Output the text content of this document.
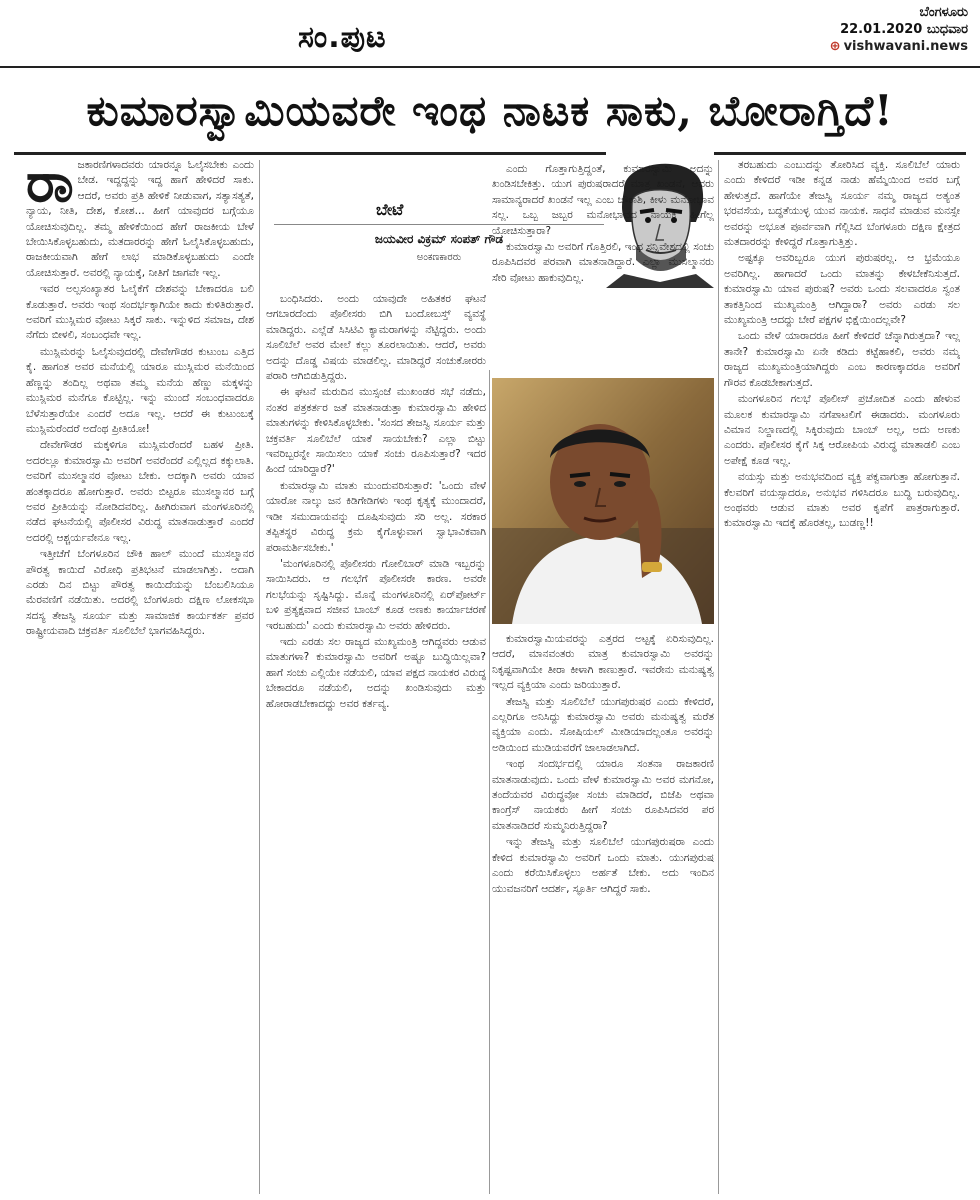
ಸಂ.ಪುಟ
ಬೆಂಗಳೂರು
22.01.2020 ಬುಧವಾರ
⊕ vishwavani.news
ಕುಮಾರಸ್ವಾಮಿಯವರೇ ಇಂಥ ನಾಟಕ ಸಾಕು, ಬೋರಾಗ್ತಿದೆ!

ರಾಜಕಾರಣಿಗಳಾದವರು ಯಾರನ್ನೂ ಓಲೈಸಬೇಕು ಎಂದು ಬೇಡ. ಇದ್ದದ್ದನ್ನು ಇದ್ದ ಹಾಗೆ ಹೇಳಿದರೆ ಸಾಕು. ಆದರೆ, ಅವರು ಪ್ರತಿ ಹೇಳಿಕೆ ನೀಡುವಾಗ, ಸತ್ಯಾಸತ್ಯತೆ, ನ್ಯಾಯ, ನೀತಿ, ದೇಶ, ಕೋಶ... ಹೀಗೆ ಯಾವುದರ ಬಗ್ಗೆಯೂ ಯೋಚಿಸುವುದಿಲ್ಲ. ತಮ್ಮ ಹೇಳಿಕೆಯಿಂದ ಹೇಗೆ ರಾಜಕೀಯ ಬೇಳೆ ಬೇಯಿಸಿಕೊಳ್ಳಬಹುದು, ಮತದಾರರನ್ನು ಹೇಗೆ ಓಲೈಸಿಕೊಳ್ಳಬಹುದು, ರಾಜಕೀಯವಾಗಿ ಹೇಗೆ ಲಾಭ ಮಾಡಿಕೊಳ್ಳಬಹುದು ಎಂದೇ ಯೋಚಿಸುತ್ತಾರೆ. ಅವರಲ್ಲಿ ನ್ಯಾಯಕ್ಕೆ, ನೀತಿಗೆ ಜಾಗವೇ ಇಲ್ಲ.

ಇವರ ಅಲ್ಪಸಂಖ್ಯಾತರ ಓಲೈಕೆಗೆ ದೇಶವನ್ನು ಬೇಕಾದರೂ ಬಲಿ ಕೊಡುತ್ತಾರೆ. ಅವರು ಇಂಥ ಸಂದರ್ಭಕ್ಕಾಗಿಯೇ ಕಾದು ಕುಳಿತಿರುತ್ತಾರೆ. ಅವರಿಗೆ ಮುಸ್ಲಿಮರ ವೋಟು ಸಿಕ್ಕರೆ ಸಾಕು. ಇನ್ನುಳಿದ ಸಮಾಜ, ದೇಶ ನೆಗೆದು ಬೀಳಲಿ, ಸಂಬಂಧವೇ ಇಲ್ಲ.

ಮುಸ್ಲಿಮರನ್ನು ಓಲೈಸುವುದರಲ್ಲಿ ದೇವೇಗೌಡರ ಕುಟುಂಬ ಎತ್ತಿದ ಕೈ. ಹಾಗಂತ ಅವರ ಮನೆಯಲ್ಲಿ ಯಾರೂ ಮುಸ್ಲಿಮರ ಮನೆಯಿಂದ ಹೆಣ್ಣನ್ನು ತಂದಿಲ್ಲ ಅಥವಾ ತಮ್ಮ ಮನೆಯ ಹೆಣ್ಣು ಮಕ್ಕಳನ್ನು ಮುಸ್ಲಿಮರ ಮನೆಗೂ ಕೊಟ್ಟಿಲ್ಲ. ಇನ್ನು ಮುಂದೆ ಸಂಬಂಧವಾದರೂ ಬೆಳೆಸುತ್ತಾರೆಯೇ ಎಂದರೆ ಅದೂ ಇಲ್ಲ. ಆದರೆ ಈ ಕುಟುಂಬಕ್ಕೆ ಮುಸ್ಲಿಮರೆಂದರೆ ಅದೆಂಥ ಪ್ರೀತಿಯೋ!

ದೇವೇಗೌಡರ ಮಕ್ಕಳಿಗೂ ಮುಸ್ಲಿಮರೆಂದರೆ ಬಹಳ ಪ್ರೀತಿ. ಅದರಲ್ಲೂ ಕುಮಾರಸ್ವಾಮಿ ಅವರಿಗೆ ಅವರೆಂದರೆ ಎಲ್ಲಿಲ್ಲದ ಕಕ್ಕುಲಾತಿ. ಅವರಿಗೆ ಮುಸಲ್ಮಾನರ ವೋಟು ಬೇಕು. ಅದಕ್ಕಾಗಿ ಅವರು ಯಾವ ಹಂತಕ್ಕಾದರೂ ಹೋಗುತ್ತಾರೆ. ಅವರು ಬಿಟ್ಟರೂ ಮುಸಲ್ಮಾನರ ಬಗ್ಗೆ ಅವರ ಪ್ರೀತಿಯನ್ನು ನೋಡಿದವರಿಲ್ಲ. ಹೀಗಿರುವಾಗ ಮಂಗಳೂರಿನಲ್ಲಿ ನಡೆದ ಘಟನೆಯಲ್ಲಿ ಪೊಲೀಸರ ವಿರುದ್ಧ ಮಾತನಾಡುತ್ತಾರೆ ಎಂದರೆ ಅದರಲ್ಲಿ ಆಶ್ಚರ್ಯವೇನೂ ಇಲ್ಲ.

ಇತ್ತೀಚೆಗೆ ಬೆಂಗಳೂರಿನ ಚೌಕಿ ಹಾಲ್ ಮುಂದೆ ಮುಸಲ್ಮಾನರ ಪೌರತ್ವ ಕಾಯಿದೆ ವಿರೋಧಿ ಪ್ರತಿಭಟನೆ ಮಾಡಲಾಗಿತ್ತು. ಅದಾಗಿ ಎರಡು ದಿನ ಬಿಟ್ಟು ಪೌರತ್ವ ಕಾಯಿದೆಯನ್ನು ಬೆಂಬಲಿಸಿಯೂ ಮೆರವಣಿಗೆ ನಡೆಯಿತು. ಅದರಲ್ಲಿ ಬೆಂಗಳೂರು ದಕ್ಷಿಣ ಲೋಕಸಭಾ ಸದಸ್ಯ ತೇಜಸ್ವಿ ಸೂರ್ಯ ಮತ್ತು ಸಾಮಾಜಿಕ ಕಾರ್ಯಕರ್ತ ಪ್ರವರ ರಾಷ್ಟ್ರೀಯವಾದಿ ಚಕ್ರವರ್ತಿ ಸೂಲಿಬೆಲೆ ಭಾಗವಹಿಸಿದ್ದರು.

ಬೇಟೆ
ಜಯವೀರ ವಿಕ್ರಮ್ ಸಂಪತ್ ಗೌಡ
ಅಂಕಣಕಾರರು

ಬಂಧಿಸಿದರು. ಅಂದು ಯಾವುದೇ ಅಹಿತಕರ ಘಟನೆ ಆಗಬಾರದೆಂದು ಪೊಲೀಸರು ಬಿಗಿ ಬಂದೋಬಸ್ತ್ ವ್ಯವಸ್ಥೆ ಮಾಡಿದ್ದರು. ಎಲ್ಲೆಡೆ ಸಿಸಿಟಿವಿ ಕ್ಯಾಮರಾಗಳನ್ನು ನೆಟ್ಟಿದ್ದರು. ಅಂದು ಸೂಲಿಬೆಲೆ ಅವರ ಮೇಲೆ ಕಲ್ಲು ತೂರಲಾಯಿತು. ಆದರೆ, ಅವರು ಅದನ್ನು ದೊಡ್ಡ ವಿಷಯ ಮಾಡಲಿಲ್ಲ. ಮಾಡಿದ್ದರೆ ಸಂಚುಕೋರರು ಪರಾರಿ ಆಗಿಬಿಡುತ್ತಿದ್ದರು.

ಈ ಘಟನೆ ಮರುದಿನ ಮುಸ್ಸಂಜೆ ಮುಖಂಡರ ಸಭೆ ನಡೆದು, ನಂತರ ಪತ್ರಕರ್ತರ ಜತೆ ಮಾತನಾಡುತ್ತಾ ಕುಮಾರಸ್ವಾಮಿ ಹೇಳಿದ ಮಾತುಗಳನ್ನು ಕೇಳಿಸಿಕೊಳ್ಳಬೇಕು. 'ಸಂಸದ ತೇಜಸ್ವಿ ಸೂರ್ಯ ಮತ್ತು ಚಕ್ರವರ್ತಿ ಸೂಲಿಬೆಲೆ ಯಾಕೆ ಸಾಯಬೇಕು? ಎಲ್ಲಾ ಬಿಟ್ಟು ಇವರಿಬ್ಬರನ್ನೇ ಸಾಯಿಸಲು ಯಾಕೆ ಸಂಚು ರೂಪಿಸುತ್ತಾರೆ? ಇದರ ಹಿಂದೆ ಯಾರಿದ್ದಾರೆ?'

ಕುಮಾರಸ್ವಾಮಿ ಮಾತು ಮುಂದುವರಿಸುತ್ತಾರೆ: 'ಒಂದು ವೇಳೆ ಯಾರೋ ನಾಲ್ಕು ಜನ ಕಿಡಿಗೇಡಿಗಳು ಇಂಥ ಕೃತ್ಯಕ್ಕೆ ಮುಂದಾದರೆ, ಇಡೀ ಸಮುದಾಯವನ್ನು ದೂಷಿಸುವುದು ಸರಿ ಅಲ್ಲ. ಸರಕಾರ ತಪ್ಪಿತಸ್ಥರ ವಿರುದ್ಧ ಕ್ರಮ ಕೈಗೊಳ್ಳುವಾಗ ಸ್ವಾಭಾವಿಕವಾಗಿ ಪರಾಮರ್ಶಿಸಬೇಕು.'

'ಮಂಗಳೂರಿನಲ್ಲಿ ಪೊಲೀಸರು ಗೋಲಿಬಾರ್ ಮಾಡಿ ಇಬ್ಬರನ್ನು ಸಾಯಿಸಿದರು. ಆ ಗಲಭೆಗೆ ಪೊಲೀಸರೇ ಕಾರಣ. ಅವರೇ ಗಲಭೆಯನ್ನು ಸೃಷ್ಟಿಸಿದ್ದು. ಮೊನ್ನೆ ಮಂಗಳೂರಿನಲ್ಲಿ ಏರ್‌ಪೋರ್ಟ್ ಬಳಿ ಪ್ರತ್ಯಕ್ಷವಾದ ಸಜೀವ ಬಾಂಬ್ ಕೂಡ ಅಣಕು ಕಾರ್ಯಾಚರಣೆ ಇರಬಹುದು' ಎಂದು ಕುಮಾರಸ್ವಾಮಿ ಅವರು ಹೇಳಿದರು.

ಇದು ಎರಡು ಸಲ ರಾಜ್ಯದ ಮುಖ್ಯಮಂತ್ರಿ ಆಗಿದ್ದವರು ಆಡುವ ಮಾತುಗಳಾ? ಕುಮಾರಸ್ವಾಮಿ ಅವರಿಗೆ ಅಷ್ಟೂ ಬುದ್ಧಿಯಿಲ್ಲವಾ? ಹಾಗೆ ಸಂಚು ಎಲ್ಲಿಯೇ ನಡೆಯಲಿ, ಯಾವ ಪಕ್ಷದ ನಾಯಕರ ವಿರುದ್ಧ ಬೇಕಾದರೂ ನಡೆಯಲಿ, ಅದನ್ನು ಖಂಡಿಸುವುದು ಮತ್ತು ಹೋರಾಡಬೇಕಾದದ್ದು ಅವರ ಕರ್ತವ್ಯ.

ಎಂದು ಗೊತ್ತಾಗುತ್ತಿದ್ದಂತೆ, ಕುಮಾರಸ್ವಾಮಿ ಅದನ್ನು ಖಂಡಿಸಬೇಕಿತ್ತು. ಯುಗ ಪುರುಷರಾದರೆ ಮಾತ್ರ ಖಂಡನೆ, ಆವರು ಸಾಮಾನ್ಯರಾದರೆ ಖಂಡನೆ ಇಲ್ಲ ಎಂಬ ಚೌಕಾಶಿ, ಕೀಳು ಮನೋಭಾವ ಸಲ್ಲ. ಒಬ್ಬ ಜಬ್ಬರ ಮನೋಭಾವದ ನಾಯಕ ಹೀಗೆಲ್ಲ ಯೋಚಿಸುತ್ತಾರಾ?

ಕುಮಾರಸ್ವಾಮಿ ಅವರಿಗೆ ಗೊತ್ತಿರಲಿ, ಇಂಥ ಸನ್ನಿವೇಶದಲ್ಲಿ ಸಂಚು ರೂಪಿಸಿದವರ ಪರವಾಗಿ ಮಾತನಾಡಿದ್ದಾರೆ. ಎಲ್ಲಾ ಮುಸಲ್ಮಾನರು ಸೇರಿ ವೋಟು ಹಾಕುವುದಿಲ್ಲ.

ಕುಮಾರಸ್ವಾಮಿಯವರನ್ನು ಎತ್ತರದ ಅಟ್ಟಕ್ಕೆ ಏರಿಸುವುದಿಲ್ಲ. ಆದರೆ, ಮಾನವಂತರು ಮಾತ್ರ ಕುಮಾರಸ್ವಾಮಿ ಅವರನ್ನು ನಿಕೃಷ್ಟವಾಗಿಯೇ ತೀರಾ ಕೀಳಾಗಿ ಕಾಣುತ್ತಾರೆ. ಇವರೇನು ಮನುಷ್ಯತ್ವ ಇಲ್ಲದ ವ್ಯಕ್ತಿಯಾ ಎಂದು ಜರಿಯುತ್ತಾರೆ.

ತೇಜಸ್ವಿ ಮತ್ತು ಸೂಲಿಬೆಲೆ ಯುಗಪುರುಷರ ಎಂದು ಕೇಳಿದರೆ, ಎಲ್ಲರಿಗೂ ಅನಿಸಿದ್ದು ಕುಮಾರಸ್ವಾಮಿ ಅವರು ಮನುಷ್ಯತ್ವ ಮರೆತ ವ್ಯಕ್ತಿಯಾ ಎಂದು. ಸೋಷಿಯಲ್ ಮೀಡಿಯಾದಲ್ಲಂತೂ ಅವರನ್ನು ಅಡಿಯಿಂದ ಮುಡಿಯವರೆಗೆ ಜಾಲಾಡಲಾಗಿದೆ.

ಇಂಥ ಸಂದರ್ಭದಲ್ಲಿ ಯಾರೂ ಸಂತನಾ ರಾಜಕಾರಣಿ ಮಾತನಾಡುವುದು. ಒಂದು ವೇಳೆ ಕುಮಾರಸ್ವಾಮಿ ಅವರ ಮಗನೋ, ತಂದೆಯವರ ವಿರುದ್ಧವೋ ಸಂಚು ಮಾಡಿದರೆ, ಬಿಜೆಪಿ ಅಥವಾ ಕಾಂಗ್ರೆಸ್ ನಾಯಕರು ಹೀಗೆ ಸಂಚು ರೂಪಿಸಿದವರ ಪರ ಮಾತನಾಡಿದರೆ ಸುಮ್ಮನಿರುತ್ತಿದ್ದರಾ?

ಇನ್ನು ತೇಜಸ್ವಿ ಮತ್ತು ಸೂಲಿಬೆಲೆ ಯುಗಪುರುಷರಾ ಎಂದು ಕೇಳಿದ ಕುಮಾರಸ್ವಾಮಿ ಅವರಿಗೆ ಒಂದು ಮಾತು. ಯುಗಪುರುಷ ಎಂದು ಕರೆಯಿಸಿಕೊಳ್ಳಲು ಅರ್ಹತೆ ಬೇಕು. ಅದು ಇಂದಿನ ಯುವಜನರಿಗೆ ಆದರ್ಶ, ಸ್ಫೂರ್ತಿ ಆಗಿದ್ದರೆ ಸಾಕು.

ತರಬಹುದು ಎಂಬುದನ್ನು ತೋರಿಸಿದ ವ್ಯಕ್ತಿ. ಸೂಲಿಬೆಲೆ ಯಾರು ಎಂದು ಕೇಳಿದರೆ ಇಡೀ ಕನ್ನಡ ನಾಡು ಹೆಮ್ಮೆಯಿಂದ ಅವರ ಬಗ್ಗೆ ಹೇಳುತ್ತದೆ. ಹಾಗೆಯೇ ತೇಜಸ್ವಿ ಸೂರ್ಯ ನಮ್ಮ ರಾಜ್ಯದ ಅತ್ಯಂತ ಭರವಸೆಯ, ಬದ್ಧತೆಯುಳ್ಳ ಯುವ ನಾಯಕ. ಸಾಧನೆ ಮಾಡುವ ಮನಸ್ಸೇ ಅವರನ್ನು ಅಭೂತ ಪೂರ್ವವಾಗಿ ಗೆಲ್ಲಿಸಿದ ಬೆಂಗಳೂರು ದಕ್ಷಿಣ ಕ್ಷೇತ್ರದ ಮತದಾರರನ್ನು ಕೇಳಿದ್ದರೆ ಗೊತ್ತಾಗುತ್ತಿತ್ತು.

ಅಷ್ಟಕ್ಕೂ ಅವರಿಬ್ಬರೂ ಯುಗ ಪುರುಷರಲ್ಲ. ಆ ಭ್ರಮೆಯೂ ಅವರಿಗಿಲ್ಲ. ಹಾಗಾದರೆ ಒಂದು ಮಾತನ್ನು ಕೇಳಬೇಕೆನಿಸುತ್ತದೆ. ಕುಮಾರಸ್ವಾಮಿ ಯಾವ ಪುರುಷ? ಅವರು ಒಂದು ಸಲವಾದರೂ ಸ್ವಂತ ತಾಕತ್ತಿನಿಂದ ಮುಖ್ಯಮಂತ್ರಿ ಆಗಿದ್ದಾರಾ? ಅವರು ಎರಡು ಸಲ ಮುಖ್ಯಮಂತ್ರಿ ಆದದ್ದು ಬೇರೆ ಪಕ್ಷಗಳ ಭಿಕ್ಷೆಯಿಂದಲ್ಲವೇ?

ಒಂದು ವೇಳೆ ಯಾರಾದರೂ ಹೀಗೆ ಕೇಳಿದರೆ ಚೆನ್ನಾಗಿರುತ್ತದಾ? ಇಲ್ಲ ತಾನೇ? ಕುಮಾರಸ್ವಾಮಿ ಏನೇ ಕಡಿದು ಕಟ್ಟೆಹಾಕಲಿ, ಅವರು ನಮ್ಮ ರಾಜ್ಯದ ಮುಖ್ಯಮಂತ್ರಿಯಾಗಿದ್ದರು ಎಂಬ ಕಾರಣಕ್ಕಾದರೂ ಅವರಿಗೆ ಗೌರವ ಕೊಡಬೇಕಾಗುತ್ತದೆ.

ಮಂಗಳೂರಿನ ಗಲಭೆ ಪೊಲೀಸ್ ಪ್ರಚೋದಿತ ಎಂದು ಹೇಳುವ ಮೂಲಕ ಕುಮಾರಸ್ವಾಮಿ ನಗೆಪಾಟಲಿಗೆ ಈಡಾದರು. ಮಂಗಳೂರು ವಿಮಾನ ನಿಲ್ದಾಣದಲ್ಲಿ ಸಿಕ್ಕಿರುವುದು ಬಾಂಬ್ ಅಲ್ಲ, ಅದು ಅಣಕು ಎಂದರು. ಪೊಲೀಸರ ಕೈಗೆ ಸಿಕ್ಕ ಆರೋಪಿಯ ವಿರುದ್ಧ ಮಾತಾಡಲಿ ಎಂಬ ಅಪೇಕ್ಷೆ ಕೂಡ ಇಲ್ಲ.

ವಯಸ್ಸು ಮತ್ತು ಅನುಭವದಿಂದ ವ್ಯಕ್ತಿ ಪಕ್ವವಾಗುತ್ತಾ ಹೋಗುತ್ತಾನೆ. ಕೆಲವರಿಗೆ ವಯಸ್ಸಾದರೂ, ಅನುಭವ ಗಳಿಸಿದರೂ ಬುದ್ಧಿ ಬರುವುದಿಲ್ಲ. ಅಂಥವರು ಆಡುವ ಮಾತು ಅವರ ಕೃಪೆಗೆ ಪಾತ್ರರಾಗುತ್ತಾರೆ. ಕುಮಾರಸ್ವಾಮಿ ಇದಕ್ಕೆ ಹೊರತಲ್ಲ, ಬುಡಣ್ಣ!!
